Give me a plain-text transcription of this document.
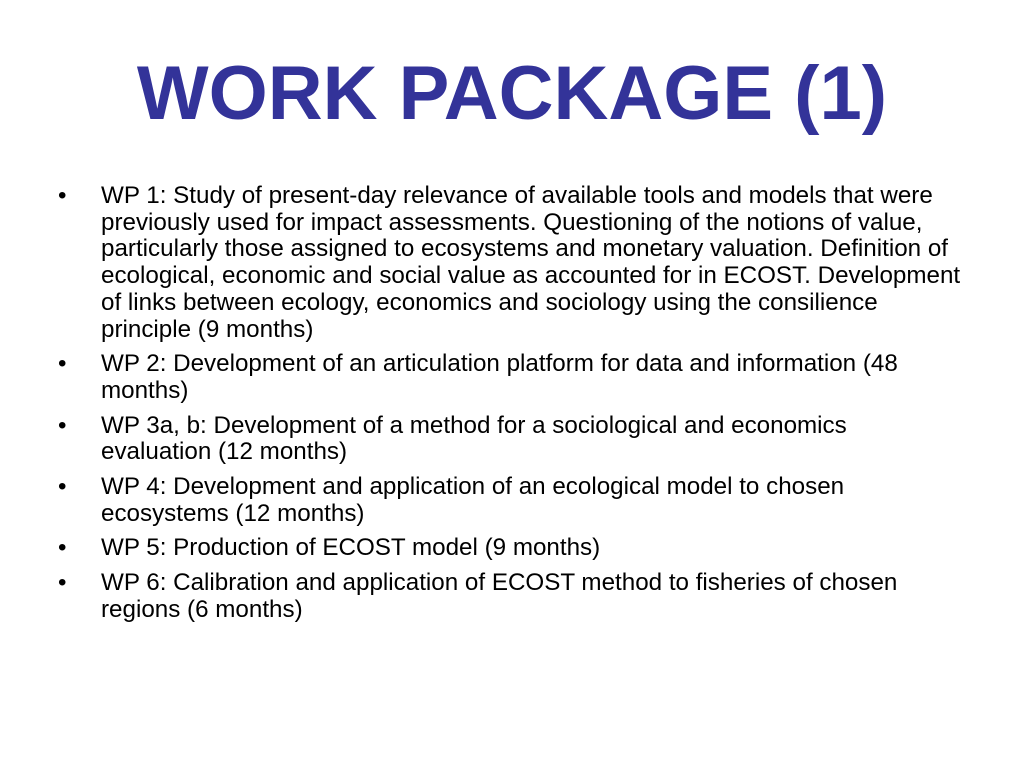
WORK PACKAGE (1)
•	WP 1: Study of present-day relevance of available tools and models that were previously used for impact assessments. Questioning of the notions of value, particularly those assigned to ecosystems and monetary valuation. Definition of ecological, economic and social value as accounted for in ECOST. Development of links between ecology, economics and sociology using the consilience principle (9 months)
•	WP 2: Development of an articulation platform for data and information (48 months)
•	WP 3a, b: Development of a method for a sociological and economics evaluation (12 months)
•	WP 4: Development and application of an ecological model to chosen ecosystems (12 months)
•	WP 5: Production of ECOST model (9 months)
•	WP 6: Calibration and application of ECOST method to fisheries of chosen regions (6 months)
